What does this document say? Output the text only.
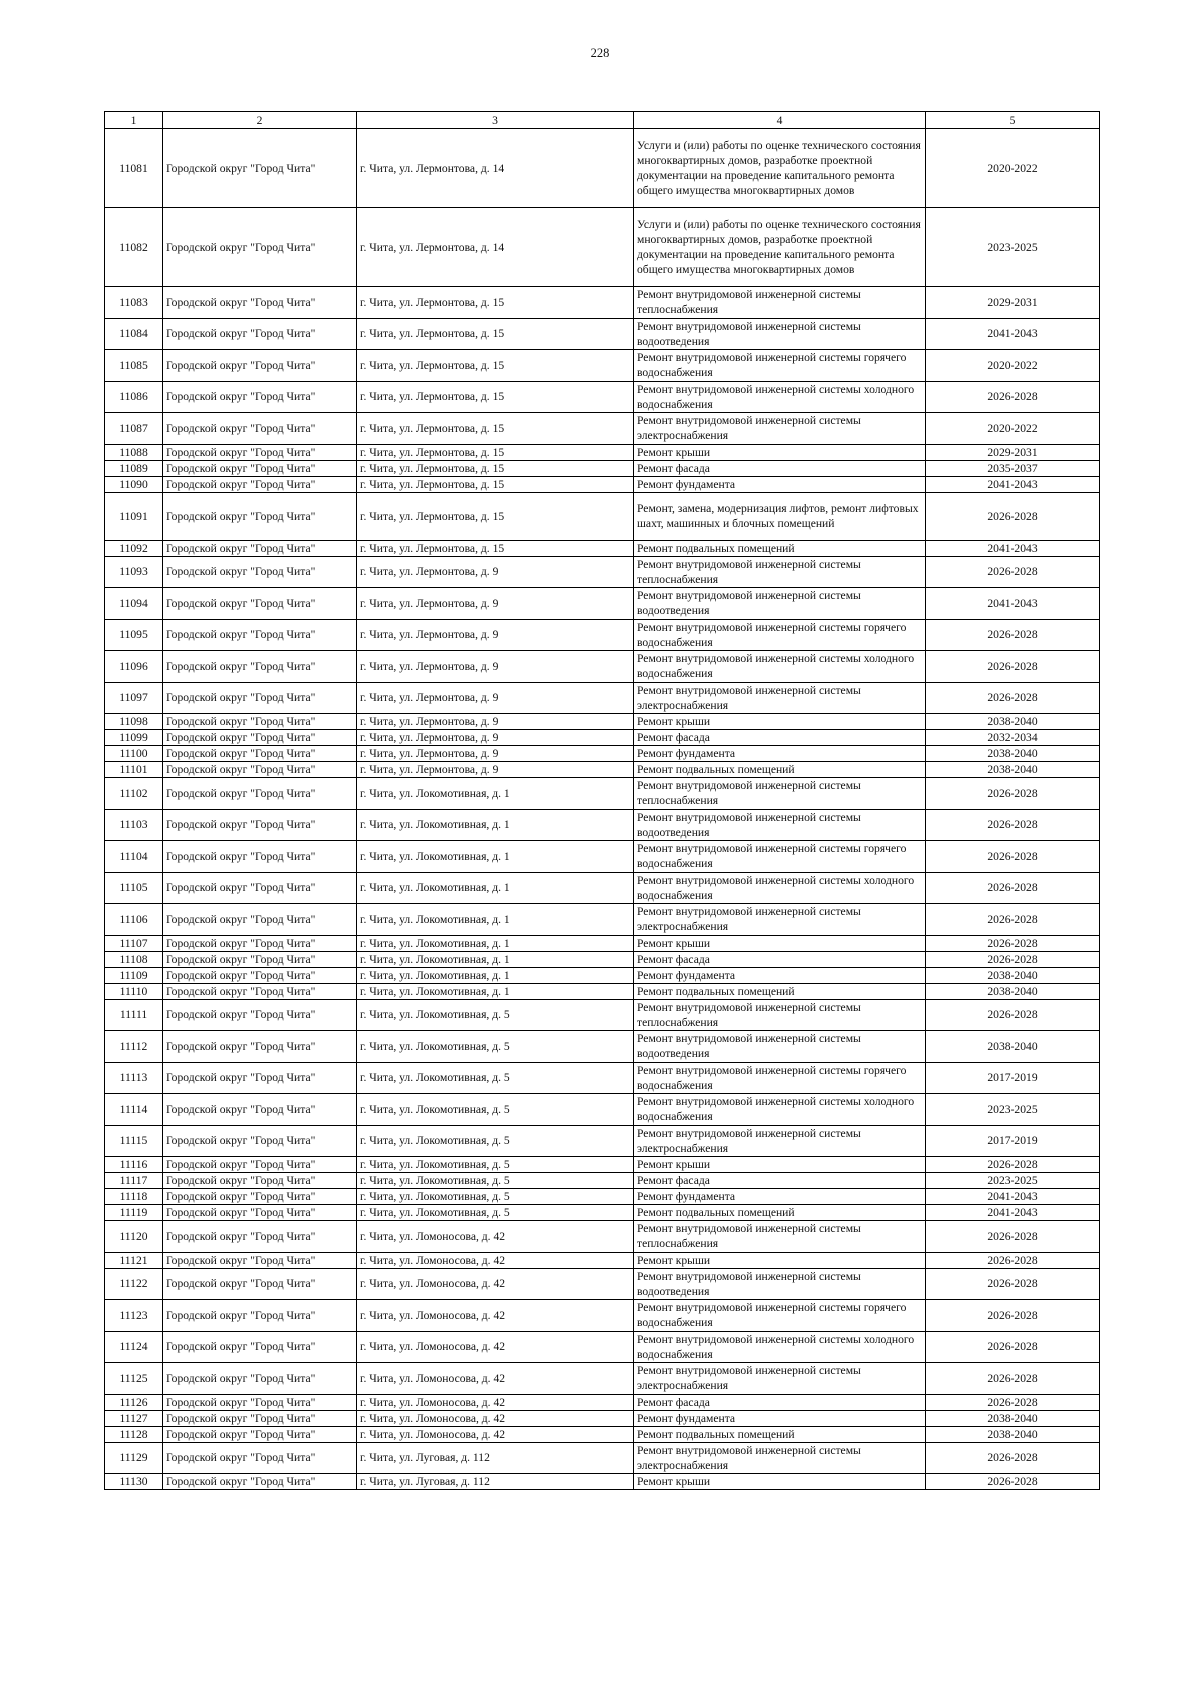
228
1	2	3	4	5
11081	Городской округ "Город Чита"	г. Чита, ул. Лермонтова, д. 14	Услуги и (или) работы по оценке технического состояния многоквартирных домов, разработке проектной документации на проведение капитального ремонта общего имущества многоквартирных домов	2020-2022
11082	Городской округ "Город Чита"	г. Чита, ул. Лермонтова, д. 14	Услуги и (или) работы по оценке технического состояния многоквартирных домов, разработке проектной документации на проведение капитального ремонта общего имущества многоквартирных домов	2023-2025
11083	Городской округ "Город Чита"	г. Чита, ул. Лермонтова, д. 15	Ремонт внутридомовой инженерной системы теплоснабжения	2029-2031
11084	Городской округ "Город Чита"	г. Чита, ул. Лермонтова, д. 15	Ремонт внутридомовой инженерной системы водоотведения	2041-2043
11085	Городской округ "Город Чита"	г. Чита, ул. Лермонтова, д. 15	Ремонт внутридомовой инженерной системы горячего водоснабжения	2020-2022
11086	Городской округ "Город Чита"	г. Чита, ул. Лермонтова, д. 15	Ремонт внутридомовой инженерной системы холодного водоснабжения	2026-2028
11087	Городской округ "Город Чита"	г. Чита, ул. Лермонтова, д. 15	Ремонт внутридомовой инженерной системы электроснабжения	2020-2022
11088	Городской округ "Город Чита"	г. Чита, ул. Лермонтова, д. 15	Ремонт крыши	2029-2031
11089	Городской округ "Город Чита"	г. Чита, ул. Лермонтова, д. 15	Ремонт фасада	2035-2037
11090	Городской округ "Город Чита"	г. Чита, ул. Лермонтова, д. 15	Ремонт фундамента	2041-2043
11091	Городской округ "Город Чита"	г. Чита, ул. Лермонтова, д. 15	Ремонт, замена, модернизация лифтов, ремонт лифтовых шахт, машинных и блочных помещений	2026-2028
11092	Городской округ "Город Чита"	г. Чита, ул. Лермонтова, д. 15	Ремонт подвальных помещений	2041-2043
11093	Городской округ "Город Чита"	г. Чита, ул. Лермонтова, д. 9	Ремонт внутридомовой инженерной системы теплоснабжения	2026-2028
11094	Городской округ "Город Чита"	г. Чита, ул. Лермонтова, д. 9	Ремонт внутридомовой инженерной системы водоотведения	2041-2043
11095	Городской округ "Город Чита"	г. Чита, ул. Лермонтова, д. 9	Ремонт внутридомовой инженерной системы горячего водоснабжения	2026-2028
11096	Городской округ "Город Чита"	г. Чита, ул. Лермонтова, д. 9	Ремонт внутридомовой инженерной системы холодного водоснабжения	2026-2028
11097	Городской округ "Город Чита"	г. Чита, ул. Лермонтова, д. 9	Ремонт внутридомовой инженерной системы электроснабжения	2026-2028
11098	Городской округ "Город Чита"	г. Чита, ул. Лермонтова, д. 9	Ремонт крыши	2038-2040
11099	Городской округ "Город Чита"	г. Чита, ул. Лермонтова, д. 9	Ремонт фасада	2032-2034
11100	Городской округ "Город Чита"	г. Чита, ул. Лермонтова, д. 9	Ремонт фундамента	2038-2040
11101	Городской округ "Город Чита"	г. Чита, ул. Лермонтова, д. 9	Ремонт подвальных помещений	2038-2040
11102	Городской округ "Город Чита"	г. Чита, ул. Локомотивная, д. 1	Ремонт внутридомовой инженерной системы теплоснабжения	2026-2028
11103	Городской округ "Город Чита"	г. Чита, ул. Локомотивная, д. 1	Ремонт внутридомовой инженерной системы водоотведения	2026-2028
11104	Городской округ "Город Чита"	г. Чита, ул. Локомотивная, д. 1	Ремонт внутридомовой инженерной системы горячего водоснабжения	2026-2028
11105	Городской округ "Город Чита"	г. Чита, ул. Локомотивная, д. 1	Ремонт внутридомовой инженерной системы холодного водоснабжения	2026-2028
11106	Городской округ "Город Чита"	г. Чита, ул. Локомотивная, д. 1	Ремонт внутридомовой инженерной системы электроснабжения	2026-2028
11107	Городской округ "Город Чита"	г. Чита, ул. Локомотивная, д. 1	Ремонт крыши	2026-2028
11108	Городской округ "Город Чита"	г. Чита, ул. Локомотивная, д. 1	Ремонт фасада	2026-2028
11109	Городской округ "Город Чита"	г. Чита, ул. Локомотивная, д. 1	Ремонт фундамента	2038-2040
11110	Городской округ "Город Чита"	г. Чита, ул. Локомотивная, д. 1	Ремонт подвальных помещений	2038-2040
11111	Городской округ "Город Чита"	г. Чита, ул. Локомотивная, д. 5	Ремонт внутридомовой инженерной системы теплоснабжения	2026-2028
11112	Городской округ "Город Чита"	г. Чита, ул. Локомотивная, д. 5	Ремонт внутридомовой инженерной системы водоотведения	2038-2040
11113	Городской округ "Город Чита"	г. Чита, ул. Локомотивная, д. 5	Ремонт внутридомовой инженерной системы горячего водоснабжения	2017-2019
11114	Городской округ "Город Чита"	г. Чита, ул. Локомотивная, д. 5	Ремонт внутридомовой инженерной системы холодного водоснабжения	2023-2025
11115	Городской округ "Город Чита"	г. Чита, ул. Локомотивная, д. 5	Ремонт внутридомовой инженерной системы электроснабжения	2017-2019
11116	Городской округ "Город Чита"	г. Чита, ул. Локомотивная, д. 5	Ремонт крыши	2026-2028
11117	Городской округ "Город Чита"	г. Чита, ул. Локомотивная, д. 5	Ремонт фасада	2023-2025
11118	Городской округ "Город Чита"	г. Чита, ул. Локомотивная, д. 5	Ремонт фундамента	2041-2043
11119	Городской округ "Город Чита"	г. Чита, ул. Локомотивная, д. 5	Ремонт подвальных помещений	2041-2043
11120	Городской округ "Город Чита"	г. Чита, ул. Ломоносова, д. 42	Ремонт внутридомовой инженерной системы теплоснабжения	2026-2028
11121	Городской округ "Город Чита"	г. Чита, ул. Ломоносова, д. 42	Ремонт крыши	2026-2028
11122	Городской округ "Город Чита"	г. Чита, ул. Ломоносова, д. 42	Ремонт внутридомовой инженерной системы водоотведения	2026-2028
11123	Городской округ "Город Чита"	г. Чита, ул. Ломоносова, д. 42	Ремонт внутридомовой инженерной системы горячего водоснабжения	2026-2028
11124	Городской округ "Город Чита"	г. Чита, ул. Ломоносова, д. 42	Ремонт внутридомовой инженерной системы холодного водоснабжения	2026-2028
11125	Городской округ "Город Чита"	г. Чита, ул. Ломоносова, д. 42	Ремонт внутридомовой инженерной системы электроснабжения	2026-2028
11126	Городской округ "Город Чита"	г. Чита, ул. Ломоносова, д. 42	Ремонт фасада	2026-2028
11127	Городской округ "Город Чита"	г. Чита, ул. Ломоносова, д. 42	Ремонт фундамента	2038-2040
11128	Городской округ "Город Чита"	г. Чита, ул. Ломоносова, д. 42	Ремонт подвальных помещений	2038-2040
11129	Городской округ "Город Чита"	г. Чита, ул. Луговая, д. 112	Ремонт внутридомовой инженерной системы электроснабжения	2026-2028
11130	Городской округ "Город Чита"	г. Чита, ул. Луговая, д. 112	Ремонт крыши	2026-2028
